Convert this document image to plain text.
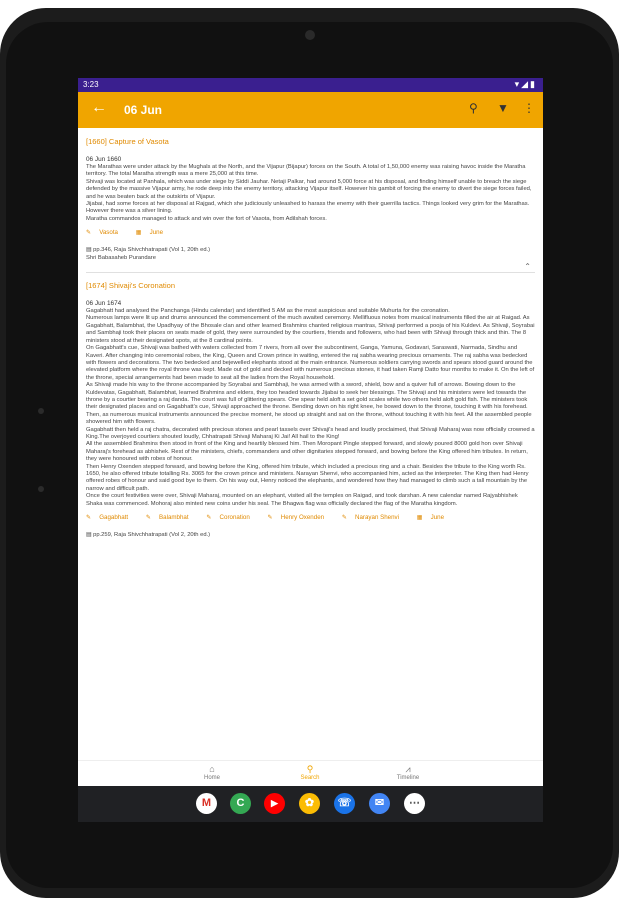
3:23	▾◢▮
← 06 Jun	⚲ ▼ ⋮
[1660] Capture of Vasota
06 Jun 1660

The Marathas were under attack by the Mughals at the North, and the Vijapur (Bijapur) forces on the South. A total of 1,50,000 enemy was raising havoc inside the Maratha territory. The total Maratha strength was a mere 25,000 at this time.

Shivaji was located at Panhala, which was under siege by Siddi Jauhar. Netaji Palkar, had around 5,000 force at his disposal, and finding himself unable to breach the siege defended by the massive Vijapur army, he rode deep into the enemy territory, attacking Vijapur itself. However his gambit of forcing the enemy to divert the siege forces failed, and he was beaten back at the outskirts of Vijapur.

Jijabai, had some forces at her disposal at Rajgad, which she judiciously unleashed to harass the enemy with their guerrilla tactics. Things looked very grim for the Marathas. However there was a silver lining.

Maratha commandos managed to attack and win over the fort of Vasota, from Adilshah forces.

✎ Vasota	▦ June
▤ pp.346, Raja Shivchhatrapati (Vol 1, 20th ed.)
Shri Babasaheb Purandare
⌃
[1674] Shivaji's Coronation
06 Jun 1674

Gagabhatt had analysed the Panchanga (Hindu calendar) and identified 5 AM as the most auspicious and suitable Muhurta for the coronation.

Numerous lamps were lit up and drums announced the commencement of the much awaited ceremony. Mellifluous notes from musical instruments filled the air at Raigad. As Gagabhatt, Balambhat, the Upadhyay of the Bhosale clan and other learned Brahmins chanted religious mantras, Shivaji performed a pooja of his Kuldevi. As Shivaji, Soyrabai and Sambhaji took their places on seats made of gold, they were surrounded by the courtiers, friends and followers, who had been with Shivaji through thick and thin. The 8 ministers stood at their designated spots, at the 8 cardinal points.

On Gagabhatt's cue, Shivaji was bathed with waters collected from 7 rivers, from all over the subcontinent, Ganga, Yamuna, Godavari, Saraswati, Narmada, Sindhu and Kaveri. After changing into ceremonial robes, the King, Queen and Crown prince in waiting, entered the raj sabha wearing precious ornaments. The raj sabha was bedecked with flowers and decorations. The two bedecked and bejewelled elephants stood at the main entrance. Numerous soldiers carrying swords and spears stood guard around the elevated platform where the royal throne was kept. Made out of gold and decked with numerous precious stones, it had taken Ramji Datto four months to make it. On the left of the throne, special arrangements had been made to seat all the ladies from the Royal household.

As Shivaji made his way to the throne accompanied by Soyrabai and Sambhaji, he was armed with a sword, shield, bow and a quiver full of arrows. Bowing down to the Kuldevatas, Gagabhatt, Balambhat, learned Brahmins and elders, they too headed towards Jijabai to seek her blessings. The Shivaji and his ministers were led towards the throne by a courtier bearing a raj danda. The court was full of glittering spears. One spear held aloft a set gold scales while two others held aloft gold fish. The ministers took their designated places and on Gagabhatt's cue, Shivaji approached the throne. Bending down on his right knee, he bowed down to the throne, touching it with his forehead. Then, as numerous musical instruments announced the precise moment, he stood up straight and sat on the throne, without touching it with his feet. All the assembled people showered him with flowers.

Gagabhatt then held a raj chatra, decorated with precious stones and pearl tassels over Shivaji's head and loudly proclaimed, that Shivaji Maharaj was now officially crowned a King.The overjoyed courtiers shouted loudly, Chhatrapati Shivaji Maharaj Ki Jai! All hail to the King!

All the assembled Brahmins then stood in front of the King and heartily blessed him. Then Moropant Pingle stepped forward, and slowly poured 8000 gold hon over Shivaji Maharaj's forehead as abhishek. Rest of the ministers, chiefs, commanders and other dignitaries stepped forward, and bowing before the King offered him tributes. In return, they were honoured with robes of honour.

Then Henry Oxenden stepped forward, and bowing before the King, offered him tribute, which included a precious ring and a chair. Besides the tribute to the King worth Rs. 1650, he also offered tribute totalling Rs. 3065 for the crown prince and ministers. Narayan Shenvi, who accompanied him, acted as the interpreter. The King then had Henry offered robes of honour and said good bye to them. On his way out, Henry noticed the elephants, and wondered how they had managed to climb such a tall mountain by the narrow and difficult path.

Once the court festivities were over, Shivaji Maharaj, mounted on an elephant, visited all the temples on Raigad, and took darshan. A new calendar named Rajyabhishek Shaka was commenced. Mohoraj also minted new coins under his seal. The Bhagwa flag was officially declared the flag of the Maratha kingdom.

✎ Gagabhatt	✎ Balambhat	✎ Coronation	✎ Henry Oxenden	✎ Narayan Shenvi	▦ June
▤ pp.259, Raja Shivchhatrapati (Vol 2, 20th ed.)
⌂
Home
⚲
Search
⩘
Timeline
M	C	▶	✿	☏	✉	⋯
